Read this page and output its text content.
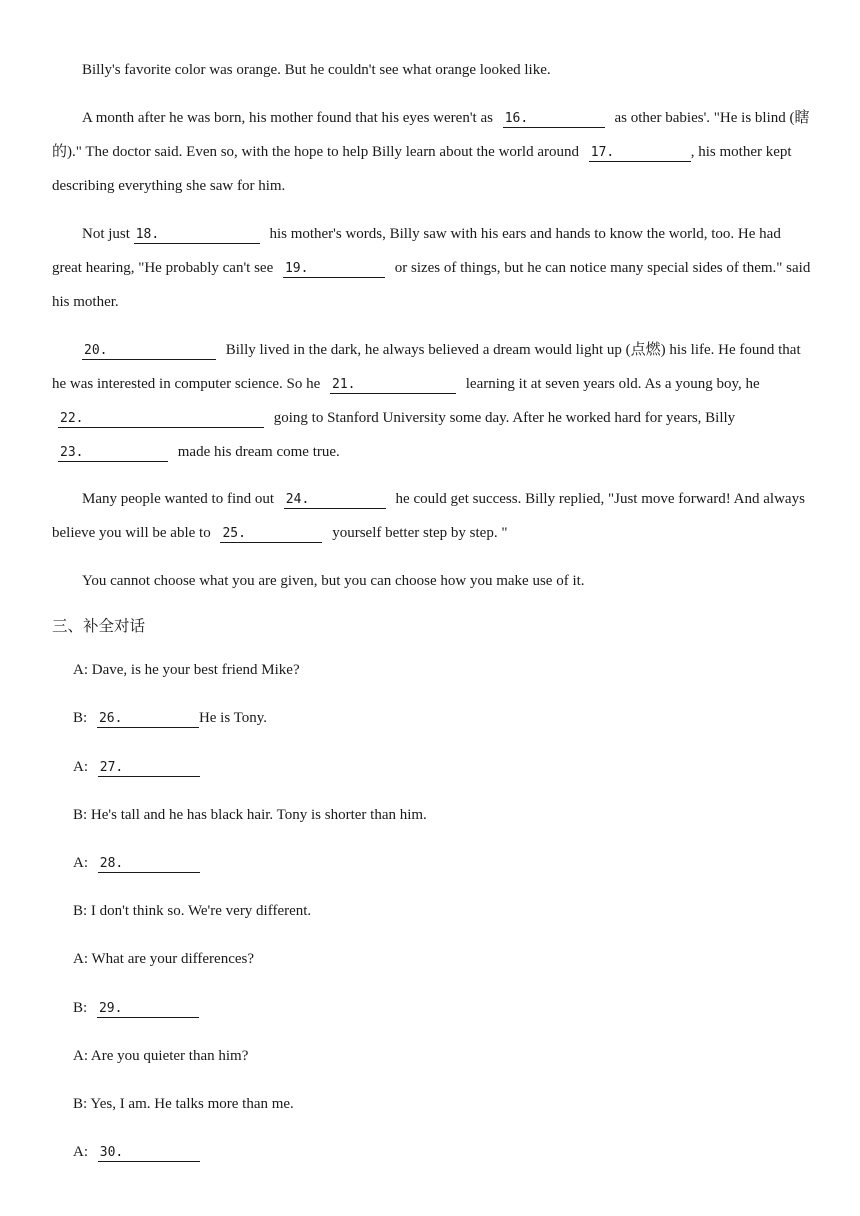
Billy's favorite color was orange. But he couldn't see what orange looked like.

A month after he was born, his mother found that his eyes weren't as 16.	as other babies'. "He is blind (瞎的)." The doctor said. Even so, with the hope to help Billy learn about the world around 17.	, his mother kept describing everything she saw for him.

Not just 18.	his mother's words, Billy saw with his ears and hands to know the world, too. He had great hearing, "He probably can't see 19.	or sizes of things, but he can notice many special sides of them." said his mother.

20.	Billy lived in the dark, he always believed a dream would light up (点燃) his life. He found that he was interested in computer science. So he 21.	learning it at seven years old. As a young boy, he 22.	going to Stanford University some day. After he worked hard for years, Billy 23.	made his dream come true.

Many people wanted to find out 24.	he could get success. Billy replied, "Just move forward! And always believe you will be able to 25.	yourself better step by step. "

You cannot choose what you are given, but you can choose how you make use of it.

三、补全对话

A: Dave, is he your best friend Mike?

B: 26.	He is Tony.

A: 27.

B: He's tall and he has black hair. Tony is shorter than him.

A: 28.

B: I don't think so. We're very different.

A: What are your differences?

B: 29.

A: Are you quieter than him?

B: Yes, I am. He talks more than me.

A: 30.
